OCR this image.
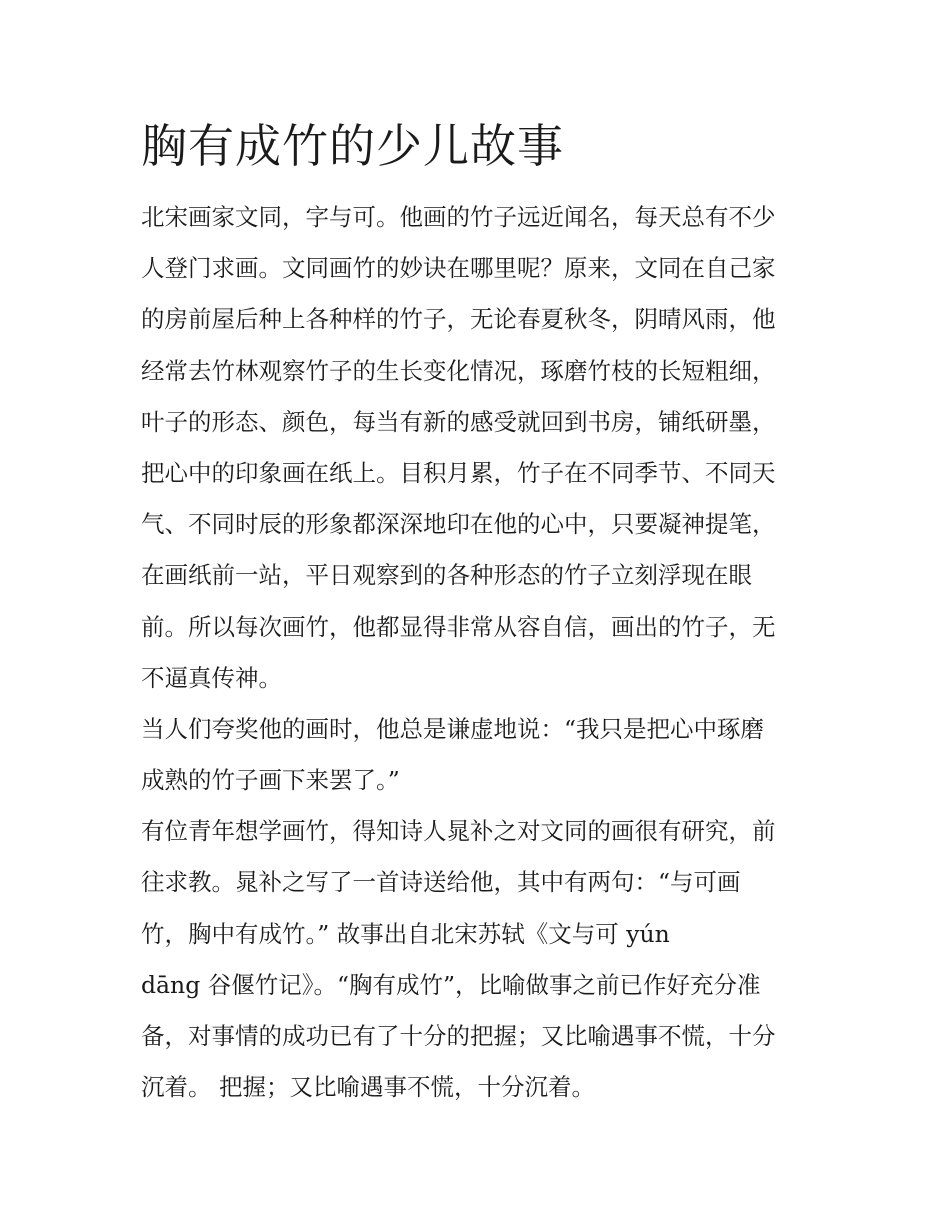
胸有成竹的少儿故事

北宋画家文同，字与可。他画的竹子远近闻名，每天总有不少

人登门求画。文同画竹的妙诀在哪里呢？原来，文同在自己家

的房前屋后种上各种样的竹子，无论春夏秋冬，阴晴风雨，他

经常去竹林观察竹子的生长变化情况，琢磨竹枝的长短粗细，

叶子的形态、颜色，每当有新的感受就回到书房，铺纸研墨，

把心中的印象画在纸上。目积月累，竹子在不同季节、不同天

气、不同时辰的形象都深深地印在他的心中，只要凝神提笔，

在画纸前一站，平日观察到的各种形态的竹子立刻浮现在眼

前。所以每次画竹，他都显得非常从容自信，画出的竹子，无

不逼真传神。

当人们夸奖他的画时，他总是谦虚地说：“我只是把心中琢磨

成熟的竹子画下来罢了。”

有位青年想学画竹，得知诗人晁补之对文同的画很有研究，前

往求教。晁补之写了一首诗送给他，其中有两句：“与可画

竹，胸中有成竹。” 故事出自北宋苏轼《文与可 yún

dāng 谷偃竹记》。“胸有成竹”，比喻做事之前已作好充分准

备，对事情的成功已有了十分的把握；又比喻遇事不慌，十分

沉着。 把握；又比喻遇事不慌，十分沉着。
